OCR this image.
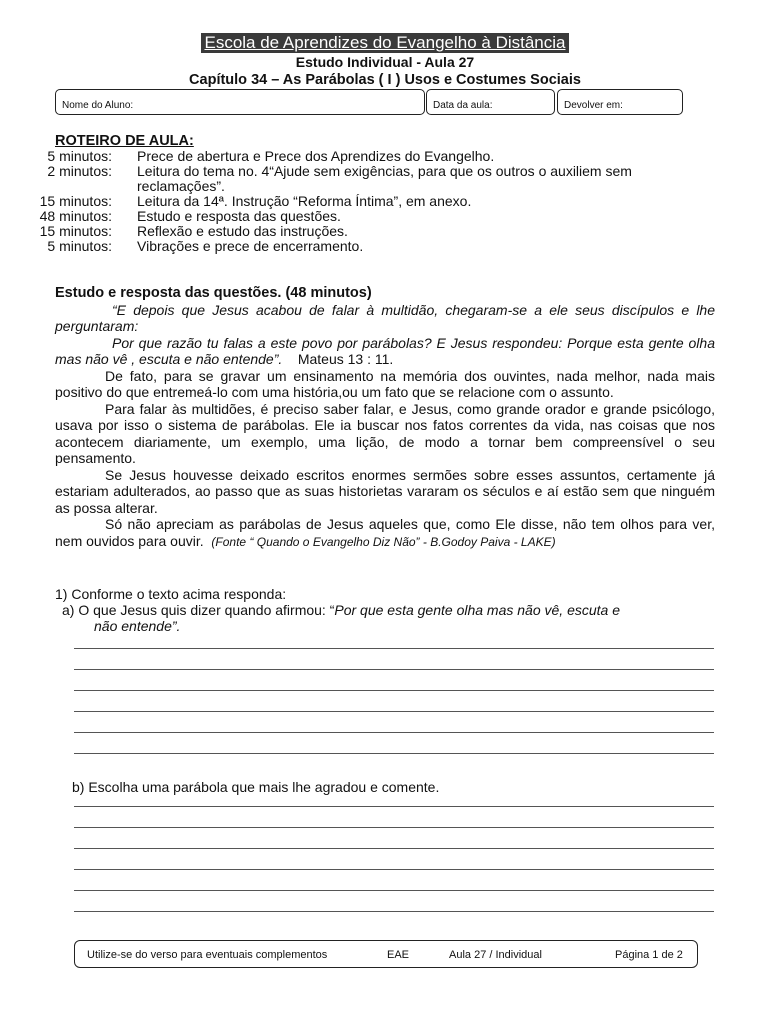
Escola de Aprendizes do Evangelho à Distância
Estudo Individual - Aula 27
Capítulo 34 – As Parábolas ( I ) Usos e Costumes Sociais
Nome do Aluno:	Data da aula:	Devolver em:
ROTEIRO DE AULA:
5 minutos:	Prece de abertura e Prece dos Aprendizes do Evangelho.
2 minutos:	Leitura do tema no. 4“Ajude sem exigências, para que os outros o auxiliem sem reclamações”.
15 minutos:	Leitura da 14ª. Instrução “Reforma Íntima”, em anexo.
48 minutos:	Estudo e resposta das questões.
15 minutos:	Reflexão e estudo das instruções.
5 minutos:	Vibrações e prece de encerramento.
Estudo e resposta das questões. (48 minutos)

“E depois que Jesus acabou de falar à multidão, chegaram-se a ele seus discípulos e lhe perguntaram:

Por que razão tu falas a este povo por parábolas? E Jesus respondeu: Porque esta gente olha mas não vê , escuta e não entende”. Mateus 13 : 11.

De fato, para se gravar um ensinamento na memória dos ouvintes, nada melhor, nada mais positivo do que entremeá-lo com uma história,ou um fato que se relacione com o assunto.

Para falar às multidões, é preciso saber falar, e Jesus, como grande orador e grande psicólogo, usava por isso o sistema de parábolas. Ele ia buscar nos fatos correntes da vida, nas coisas que nos acontecem diariamente, um exemplo, uma lição, de modo a tornar bem compreensível o seu pensamento.

Se Jesus houvesse deixado escritos enormes sermões sobre esses assuntos, certamente já estariam adulterados, ao passo que as suas historietas vararam os séculos e aí estão sem que ninguém as possa alterar.

Só não apreciam as parábolas de Jesus aqueles que, como Ele disse, não tem olhos para ver, nem ouvidos para ouvir. (Fonte “ Quando o Evangelho Diz Não” - B.Godoy Paiva - LAKE)

1) Conforme o texto acima responda:
a) O que Jesus quis dizer quando afirmou: “Por que esta gente olha mas não vê, escuta e
não entende”.
b) Escolha uma parábola que mais lhe agradou e comente.
Utilize-se do verso para eventuais complementos	EAE	Aula 27 / Individual	Página 1 de 2
